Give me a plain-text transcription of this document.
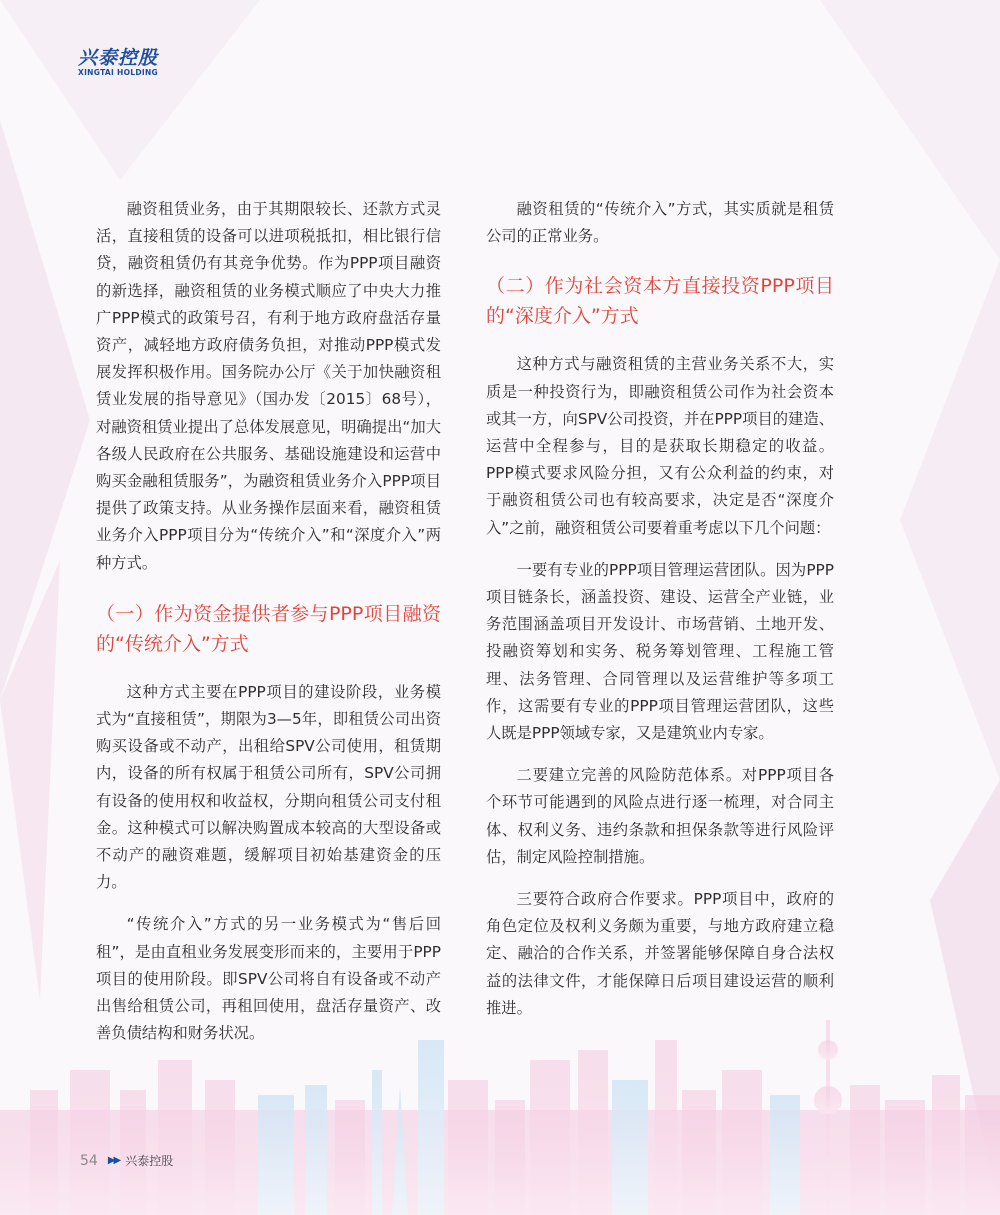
兴泰控股
XINGTAI HOLDING

融资租赁业务，由于其期限较长、还款方式灵活，直接租赁的设备可以进项税抵扣，相比银行信贷，融资租赁仍有其竞争优势。作为PPP项目融资的新选择，融资租赁的业务模式顺应了中央大力推广PPP模式的政策号召，有利于地方政府盘活存量资产，减轻地方政府债务负担，对推动PPP模式发展发挥积极作用。国务院办公厅《关于加快融资租赁业发展的指导意见》（国办发〔2015〕68号），对融资租赁业提出了总体发展意见，明确提出“加大各级人民政府在公共服务、基础设施建设和运营中购买金融租赁服务”，为融资租赁业务介入PPP项目提供了政策支持。从业务操作层面来看，融资租赁业务介入PPP项目分为“传统介入”和“深度介入”两种方式。

（一）作为资金提供者参与PPP项目融资的“传统介入”方式

这种方式主要在PPP项目的建设阶段，业务模式为“直接租赁”，期限为3—5年，即租赁公司出资购买设备或不动产，出租给SPV公司使用，租赁期内，设备的所有权属于租赁公司所有，SPV公司拥有设备的使用权和收益权，分期向租赁公司支付租金。这种模式可以解决购置成本较高的大型设备或不动产的融资难题，缓解项目初始基建资金的压力。

“传统介入”方式的另一业务模式为“售后回租”，是由直租业务发展变形而来的，主要用于PPP项目的使用阶段。即SPV公司将自有设备或不动产出售给租赁公司，再租回使用，盘活存量资产、改善负债结构和财务状况。

融资租赁的“传统介入”方式，其实质就是租赁公司的正常业务。

（二）作为社会资本方直接投资PPP项目的“深度介入”方式

这种方式与融资租赁的主营业务关系不大，实质是一种投资行为，即融资租赁公司作为社会资本或其一方，向SPV公司投资，并在PPP项目的建造、运营中全程参与，目的是获取长期稳定的收益。PPP模式要求风险分担，又有公众利益的约束，对于融资租赁公司也有较高要求，决定是否“深度介入”之前，融资租赁公司要着重考虑以下几个问题：

一要有专业的PPP项目管理运营团队。因为PPP项目链条长，涵盖投资、建设、运营全产业链，业务范围涵盖项目开发设计、市场营销、土地开发、投融资筹划和实务、税务筹划管理、工程施工管理、法务管理、合同管理以及运营维护等多项工作，这需要有专业的PPP项目管理运营团队，这些人既是PPP领域专家，又是建筑业内专家。

二要建立完善的风险防范体系。对PPP项目各个环节可能遇到的风险点进行逐一梳理，对合同主体、权利义务、违约条款和担保条款等进行风险评估，制定风险控制措施。

三要符合政府合作要求。PPP项目中，政府的角色定位及权利义务颇为重要，与地方政府建立稳定、融洽的合作关系，并签署能够保障自身合法权益的法律文件，才能保障日后项目建设运营的顺利推进。

54 ▶▶ 兴泰控股
